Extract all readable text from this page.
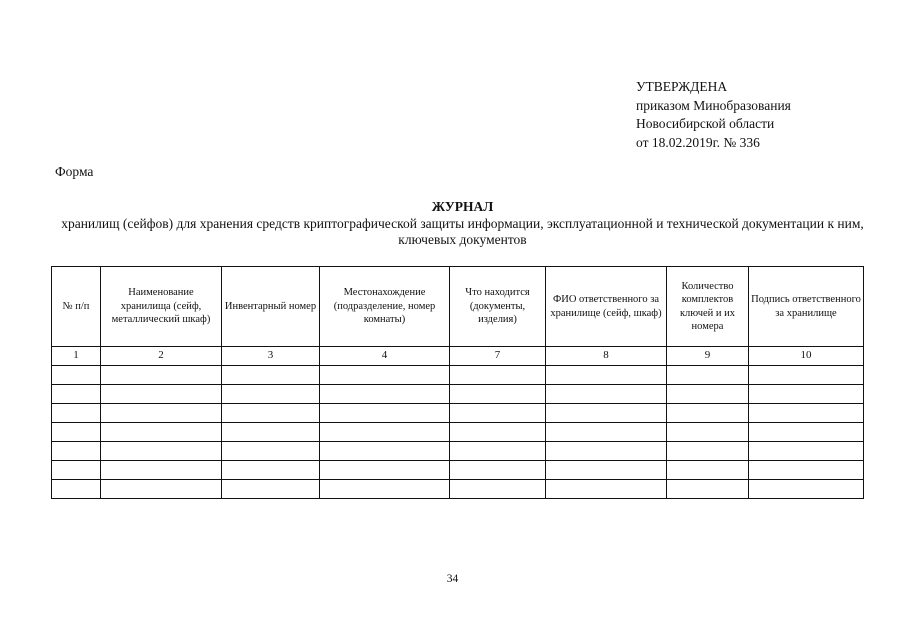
УТВЕРЖДЕНА
приказом Минобразования
Новосибирской области
от 18.02.2019г. № 336
Форма
ЖУРНАЛ
хранилищ (сейфов) для хранения средств криптографической защиты информации, эксплуатационной и технической документации к ним, ключевых документов
№ п/п	Наименование хранилища (сейф, металлический шкаф)	Инвентарный номер	Местонахождение (подразделение, номер комнаты)	Что находится (документы, изделия)	ФИО ответственного за хранилище (сейф, шкаф)	Количество комплектов ключей и их номера	Подпись ответственного за хранилище
1	2	3	4	7	8	9	10

34
